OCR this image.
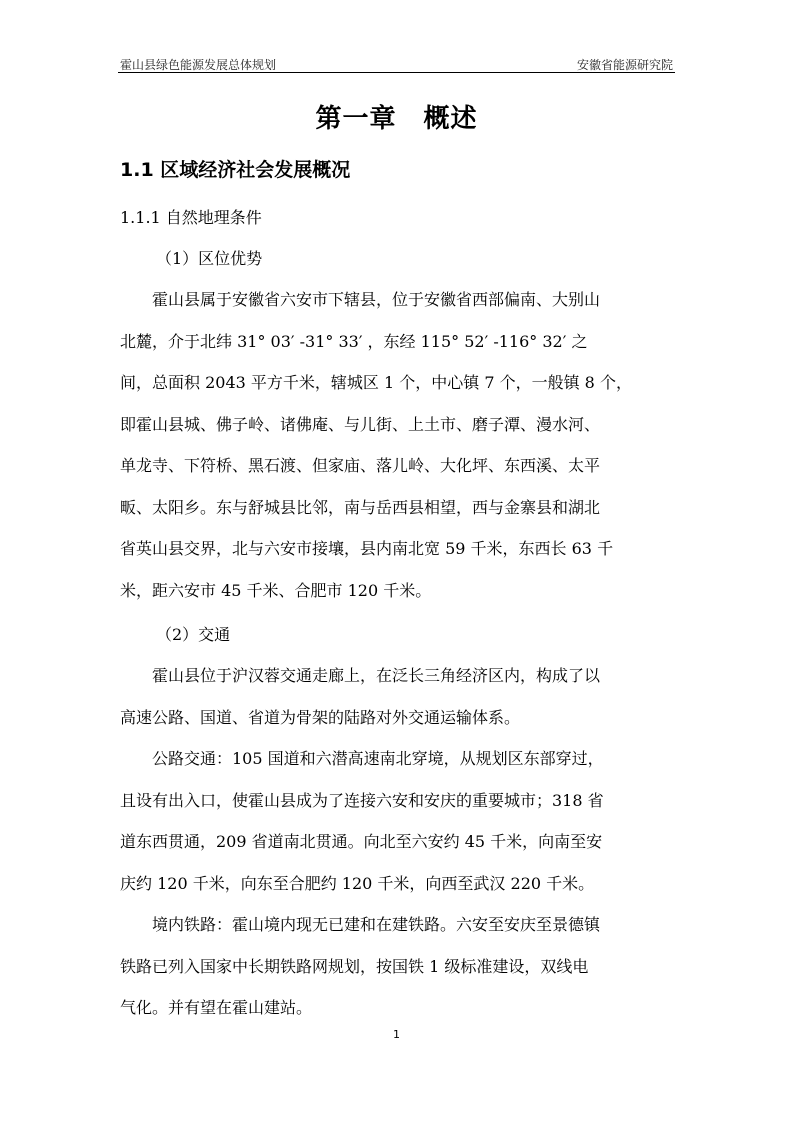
霍山县绿色能源发展总体规划	安徽省能源研究院
第一章　概述
1.1 区域经济社会发展概况
1.1.1 自然地理条件
（1）区位优势
霍山县属于安徽省六安市下辖县，位于安徽省西部偏南、大别山
北麓，介于北纬 31° 03′ -31° 33′ ，东经 115° 52′ -116° 32′ 之
间，总面积 2043 平方千米，辖城区 1 个，中心镇 7 个，一般镇 8 个，
即霍山县城、佛子岭、诸佛庵、与儿街、上土市、磨子潭、漫水河、
单龙寺、下符桥、黑石渡、但家庙、落儿岭、大化坪、东西溪、太平
畈、太阳乡。东与舒城县比邻，南与岳西县相望，西与金寨县和湖北
省英山县交界，北与六安市接壤，县内南北宽 59 千米，东西长 63 千
米，距六安市 45 千米、合肥市 120 千米。
（2）交通
霍山县位于沪汉蓉交通走廊上，在泛长三角经济区内，构成了以
高速公路、国道、省道为骨架的陆路对外交通运输体系。
公路交通：105 国道和六潜高速南北穿境，从规划区东部穿过，
且设有出入口，使霍山县成为了连接六安和安庆的重要城市；318 省
道东西贯通，209 省道南北贯通。向北至六安约 45 千米，向南至安
庆约 120 千米，向东至合肥约 120 千米，向西至武汉 220 千米。
境内铁路：霍山境内现无已建和在建铁路。六安至安庆至景德镇
铁路已列入国家中长期铁路网规划，按国铁 1 级标准建设，双线电
气化。并有望在霍山建站。
1
